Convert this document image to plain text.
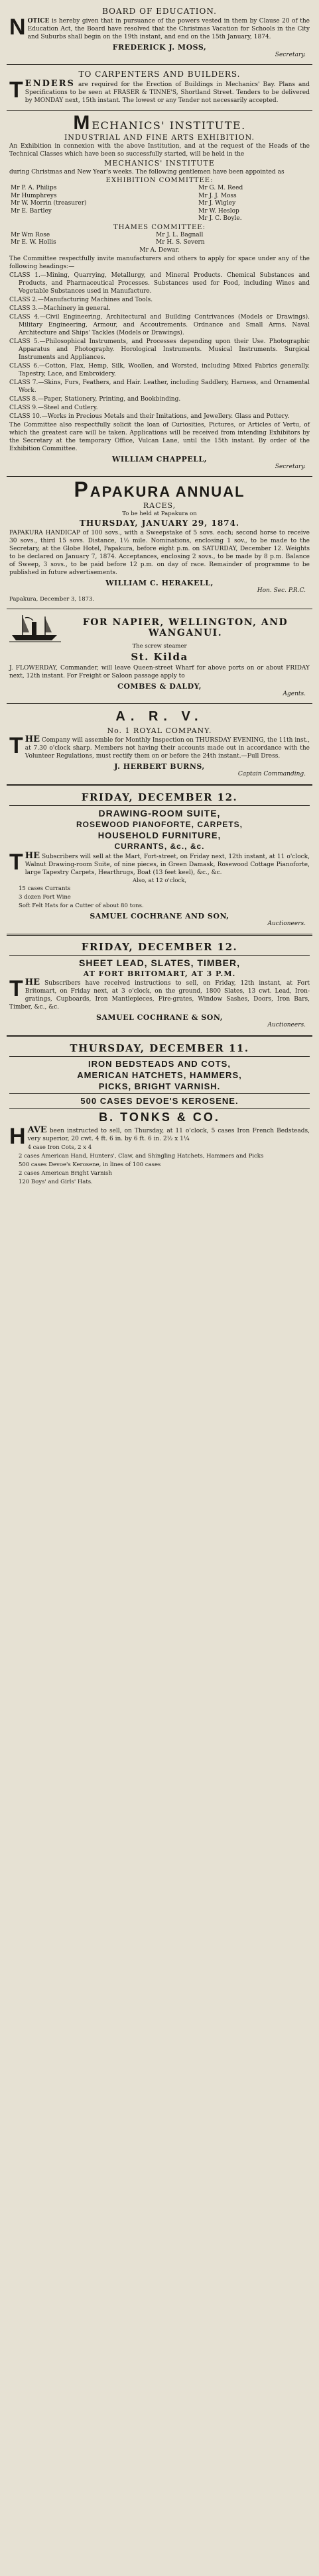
BOARD OF EDUCATION.

NOTICE is hereby given that in pursuance of the powers vested in them by Clause 20 of the Education Act, the Board have resolved that the Christmas Vacation for Schools in the City and Suburbs shall begin on the 19th instant, and end on the 15th January, 1874.

FREDERICK J. MOSS,
Secretary.
TO CARPENTERS AND BUILDERS.

TENDERS are required for the Erection of Buildings in Mechanics' Bay. Plans and Specifications to be seen at FRASER & TINNE'S, Shortland Street. Tenders to be delivered by MONDAY next, 15th instant. The lowest or any Tender not necessarily accepted.

MECHANICS' INSTITUTE.
INDUSTRIAL AND FINE ARTS EXHIBITION.

An Exhibition in connexion with the above Institution, and at the request of the Heads of the Technical Classes which have been so successfully started, will be held in the

MECHANICS' INSTITUTE

during Christmas and New Year's weeks. The following gentlemen have been appointed as

EXHIBITION COMMITTEE:
Mr P. A. Philips	Mr G. M. Reed
Mr Humphreys	Mr J. J. Moss
Mr W. Morrin (treasurer)	Mr J. Wigley
Mr E. Bartley	Mr W. Heslop
	Mr J. C. Boyle.
THAMES COMMITTEE:
Mr Wm Rose	Mr J. L. Bagnall
Mr E. W. Hollis	Mr H. S. Severn
Mr A. Dewar.	

The Committee respectfully invite manufacturers and others to apply for space under any of the following headings:—

CLASS 1.—Mining, Quarrying, Metallurgy, and Mineral Products. Chemical Substances and Products, and Pharmaceutical Processes. Substances used for Food, including Wines and Vegetable Substances used in Manufacture.

CLASS 2.—Manufacturing Machines and Tools.

CLASS 3.—Machinery in general.

CLASS 4.—Civil Engineering, Architectural and Building Contrivances (Models or Drawings). Military Engineering, Armour, and Accoutrements. Ordnance and Small Arms. Naval Architecture and Ships' Tackles (Models or Drawings).

CLASS 5.—Philosophical Instruments, and Processes depending upon their Use. Photographic Apparatus and Photography. Horological Instruments. Musical Instruments. Surgical Instruments and Appliances.

CLASS 6.—Cotton, Flax, Hemp, Silk, Woollen, and Worsted, including Mixed Fabrics generally. Tapestry, Lace, and Embroidery.

CLASS 7.—Skins, Furs, Feathers, and Hair. Leather, including Saddlery, Harness, and Ornamental Work.

CLASS 8.—Paper, Stationery, Printing, and Bookbinding.

CLASS 9.—Steel and Cutlery.

CLASS 10.—Works in Precious Metals and their Imitations, and Jewellery. Glass and Pottery.

The Committee also respectfully solicit the loan of Curiosities, Pictures, or Articles of Vertu, of which the greatest care will be taken. Applications will be received from intending Exhibitors by the Secretary at the temporary Office, Vulcan Lane, until the 15th instant. By order of the Exhibition Committee.

WILLIAM CHAPPELL,
Secretary.
P APAKURA ANNUAL
RACES,
To be held at Papakura on
THURSDAY, JANUARY 29, 1874.

PAPAKURA HANDICAP of 100 sovs., with a Sweepstake of 5 sovs. each; second horse to receive 30 sovs., third 15 sovs. Distance, 1½ mile. Nominations, enclosing 1 sov., to be made to the Secretary, at the Globe Hotel, Papakura, before eight p.m. on SATURDAY, December 12. Weights to be declared on January 7, 1874. Acceptances, enclosing 2 sovs., to be made by 8 p.m. Balance of Sweep, 3 sovs., to be paid before 12 p.m. on day of race. Remainder of programme to be published in future advertisements.

WILLIAM C. HERAKELL,
Hon. Sec. P.R.C.

Papakura, December 3, 1873.

FOR NAPIER, WELLINGTON, AND WANGANUI.
The screw steamer
St. Kilda

J. FLOWERDAY, Commander, will leave Queen-street Wharf for above ports on or about FRIDAY next, 12th instant. For Freight or Saloon passage apply to

COMBES & DALDY,
Agents.
A. R. V.
No. 1 ROYAL COMPANY.

THE Company will assemble for Monthly Inspection on THURSDAY EVENING, the 11th inst., at 7.30 o'clock sharp. Members not having their accounts made out in accordance with the Volunteer Regulations, must rectify them on or before the 24th instant.—Full Dress.

J. HERBERT BURNS,
Captain Commanding.
FRIDAY, DECEMBER 12.
DRAWING-ROOM SUITE,
ROSEWOOD PIANOFORTE, CARPETS,
HOUSEHOLD FURNITURE,
CURRANTS, &c., &c.

THE Subscribers will sell at the Mart, Fort-street, on Friday next, 12th instant, at 11 o'clock, Walnut Drawing-room Suite, of nine pieces, in Green Damask, Rosewood Cottage Pianoforte, large Tapestry Carpets, Hearthrugs, Boat (13 feet keel), &c., &c.

Also, at 12 o'clock,

15 cases Currants

3 dozen Port Wine

Soft Felt Hats for a Cutter of about 80 tons.

SAMUEL COCHRANE AND SON,
Auctioneers.
FRIDAY, DECEMBER 12.
SHEET LEAD, SLATES, TIMBER,
AT FORT BRITOMART, AT 3 P.M.

THE Subscribers have received instructions to sell, on Friday, 12th instant, at Fort Britomart, on Friday next, at 3 o'clock, on the ground, 1800 Slates, 13 cwt. Lead, Iron-gratings, Cupboards, Iron Mantlepieces, Fire-grates, Window Sashes, Doors, Iron Bars, Timber, &c., &c.

SAMUEL COCHRANE & SON,
Auctioneers.
THURSDAY, DECEMBER 11.
IRON BEDSTEADS AND COTS,
AMERICAN HATCHETS, HAMMERS,
PICKS, BRIGHT VARNISH.
500 CASES DEVOE'S KEROSENE.
B. TONKS & CO.

HAVE been instructed to sell, on Thursday, at 11 o'clock, 5 cases Iron French Bedsteads, very superior, 20 cwt. 4 ft. 6 in. by 6 ft. 6 in. 2½ x 1¼

4 case Iron Cots, 2 x 4

2 cases American Hand, Hunters', Claw, and Shingling Hatchets, Hammers and Picks

500 cases Devoe's Kerosene, in lines of 100 cases

2 cases American Bright Varnish

120 Boys' and Girls' Hats.
